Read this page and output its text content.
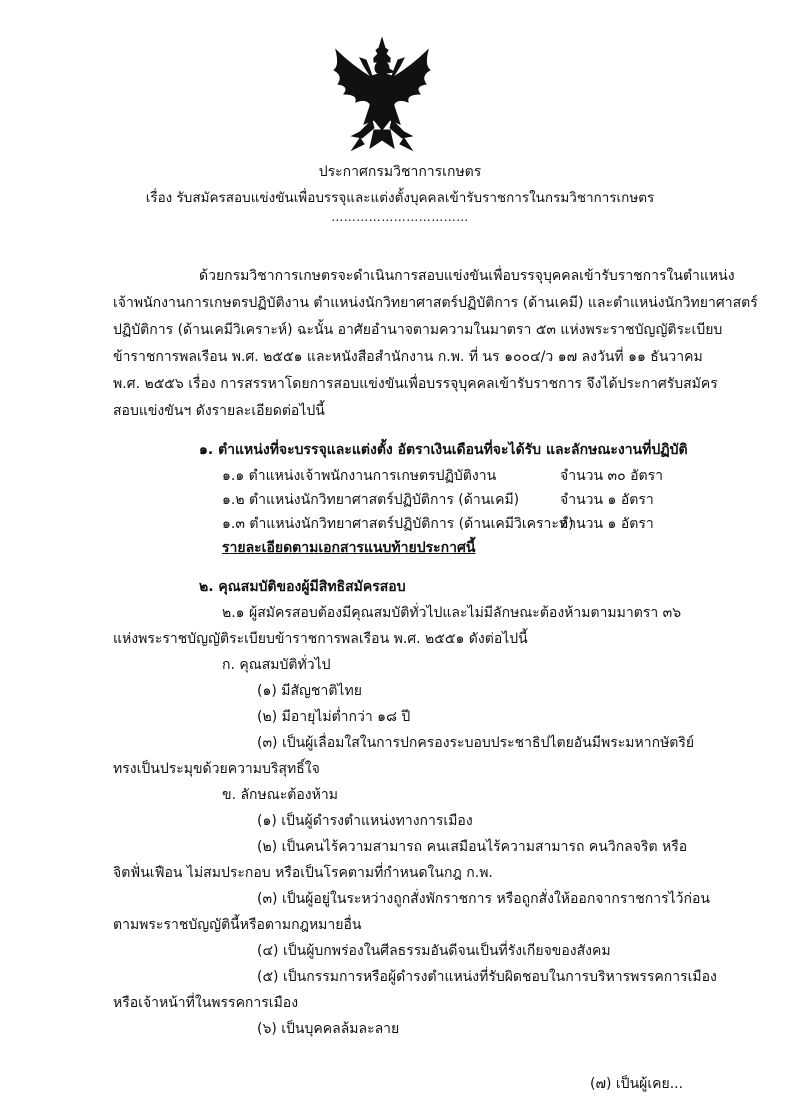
ประกาศกรมวิชาการเกษตร
เรื่อง รับสมัครสอบแข่งขันเพื่อบรรจุและแต่งตั้งบุคคลเข้ารับราชการในกรมวิชาการเกษตร
……………………………
ด้วยกรมวิชาการเกษตรจะดำเนินการสอบแข่งขันเพื่อบรรจุบุคคลเข้ารับราชการในตำแหน่ง
เจ้าพนักงานการเกษตรปฏิบัติงาน ตำแหน่งนักวิทยาศาสตร์ปฏิบัติการ (ด้านเคมี) และตำแหน่งนักวิทยาศาสตร์
ปฏิบัติการ (ด้านเคมีวิเคราะห์) ฉะนั้น อาศัยอำนาจตามความในมาตรา ๕๓ แห่งพระราชบัญญัติระเบียบ
ข้าราชการพลเรือน พ.ศ. ๒๕๕๑ และหนังสือสำนักงาน ก.พ. ที่ นร ๑๐๐๔/ว ๑๗ ลงวันที่ ๑๑ ธันวาคม
พ.ศ. ๒๕๕๖ เรื่อง การสรรหาโดยการสอบแข่งขันเพื่อบรรจุบุคคลเข้ารับราชการ จึงได้ประกาศรับสมัคร
สอบแข่งขันฯ ดังรายละเอียดต่อไปนี้
๑. ตำแหน่งที่จะบรรจุและแต่งตั้ง อัตราเงินเดือนที่จะได้รับ และลักษณะงานที่ปฏิบัติ
๑.๑ ตำแหน่งเจ้าพนักงานการเกษตรปฏิบัติงาน	จำนวน ๓๐ อัตรา
๑.๒ ตำแหน่งนักวิทยาศาสตร์ปฏิบัติการ (ด้านเคมี)	จำนวน ๑ อัตรา
๑.๓ ตำแหน่งนักวิทยาศาสตร์ปฏิบัติการ (ด้านเคมีวิเคราะห์)
จำนวน ๑ อัตรา
รายละเอียดตามเอกสารแนบท้ายประกาศนี้
๒. คุณสมบัติของผู้มีสิทธิสมัครสอบ
๒.๑ ผู้สมัครสอบต้องมีคุณสมบัติทั่วไปและไม่มีลักษณะต้องห้ามตามมาตรา ๓๖
แห่งพระราชบัญญัติระเบียบข้าราชการพลเรือน พ.ศ. ๒๕๕๑ ดังต่อไปนี้
ก. คุณสมบัติทั่วไป
(๑) มีสัญชาติไทย
(๒) มีอายุไม่ต่ำกว่า ๑๘ ปี
(๓) เป็นผู้เลื่อมใสในการปกครองระบอบประชาธิปไตยอันมีพระมหากษัตริย์
ทรงเป็นประมุขด้วยความบริสุทธิ์ใจ
ข. ลักษณะต้องห้าม
(๑) เป็นผู้ดำรงตำแหน่งทางการเมือง
(๒) เป็นคนไร้ความสามารถ คนเสมือนไร้ความสามารถ คนวิกลจริต หรือ
จิตฟั่นเฟือน ไม่สมประกอบ หรือเป็นโรคตามที่กำหนดในกฎ ก.พ.
(๓) เป็นผู้อยู่ในระหว่างถูกสั่งพักราชการ หรือถูกสั่งให้ออกจากราชการไว้ก่อน
ตามพระราชบัญญัตินี้หรือตามกฎหมายอื่น
(๔) เป็นผู้บกพร่องในศีลธรรมอันดีจนเป็นที่รังเกียจของสังคม
(๕) เป็นกรรมการหรือผู้ดำรงตำแหน่งที่รับผิดชอบในการบริหารพรรคการเมือง
หรือเจ้าหน้าที่ในพรรคการเมือง
(๖) เป็นบุคคลล้มละลาย
(๗) เป็นผู้เคย...
